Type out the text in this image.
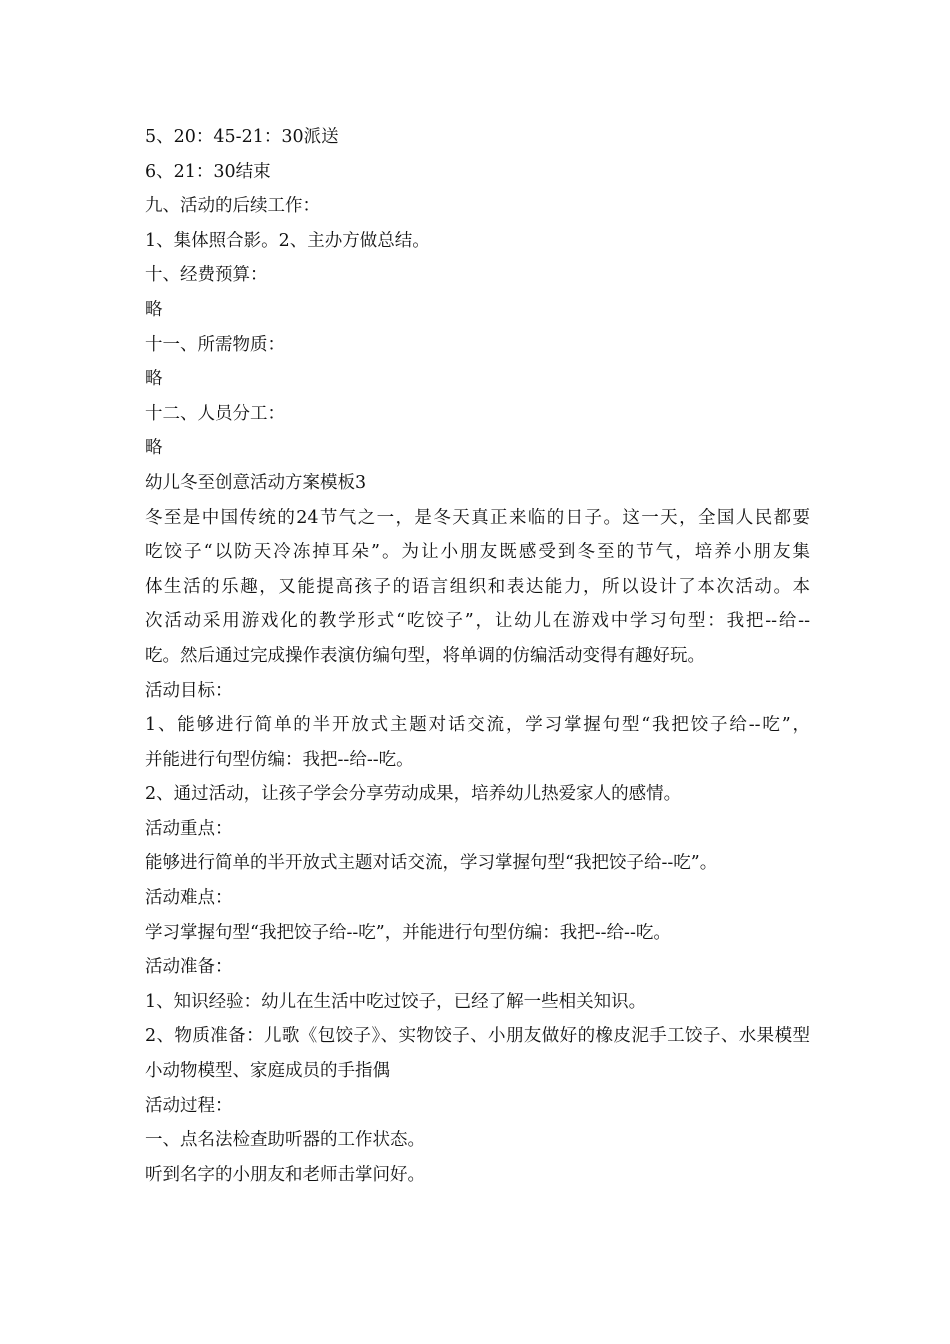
5、20：45-21：30派送

6、21：30结束

九、活动的后续工作：

1、集体照合影。2、主办方做总结。

十、经费预算：

略

十一、所需物质：

略

十二、人员分工：

略

幼儿冬至创意活动方案模板3

冬至是中国传统的24节气之一，是冬天真正来临的日子。这一天，全国人民都要

吃饺子“以防天冷冻掉耳朵”。为让小朋友既感受到冬至的节气，培养小朋友集

体生活的乐趣，又能提高孩子的语言组织和表达能力，所以设计了本次活动。本

次活动采用游戏化的教学形式“吃饺子”，让幼儿在游戏中学习句型：我把--给--

吃。然后通过完成操作表演仿编句型，将单调的仿编活动变得有趣好玩。

活动目标：

1、能够进行简单的半开放式主题对话交流，学习掌握句型“我把饺子给--吃”，

并能进行句型仿编：我把--给--吃。

2、通过活动，让孩子学会分享劳动成果，培养幼儿热爱家人的感情。

活动重点：

能够进行简单的半开放式主题对话交流，学习掌握句型“我把饺子给--吃”。

活动难点：

学习掌握句型“我把饺子给--吃”，并能进行句型仿编：我把--给--吃。

活动准备：

1、知识经验：幼儿在生活中吃过饺子，已经了解一些相关知识。

2、物质准备：儿歌《包饺子》、实物饺子、小朋友做好的橡皮泥手工饺子、水果模型

小动物模型、家庭成员的手指偶

活动过程：

一、点名法检查助听器的工作状态。

听到名字的小朋友和老师击掌问好。
